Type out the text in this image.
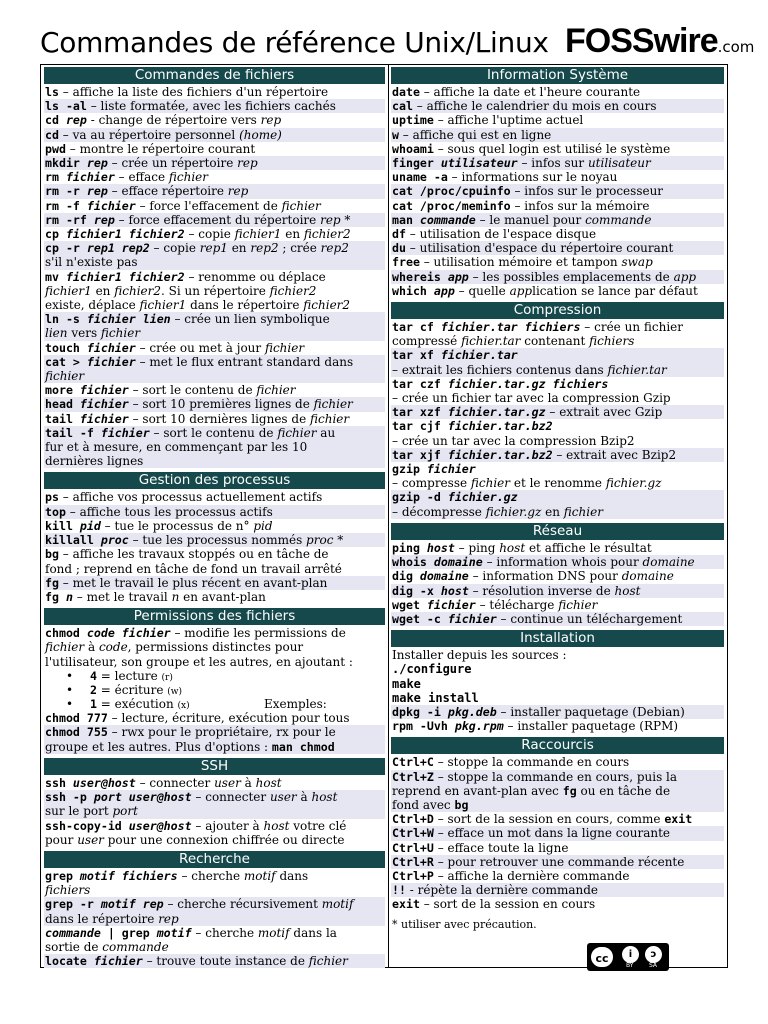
Commandes de référence Unix/Linux FOSSwire.com
Commandes de fichiers
ls – affiche la liste des fichiers d'un répertoire
ls -al – liste formatée, avec les fichiers cachés
cd rep - change de répertoire vers rep
cd – va au répertoire personnel (home)
pwd – montre le répertoire courant
mkdir rep – crée un répertoire rep
rm fichier – efface fichier
rm -r rep – efface répertoire rep
rm -f fichier – force l'effacement de fichier
rm -rf rep – force effacement du répertoire rep *
cp fichier1 fichier2 – copie fichier1 en fichier2
cp -r rep1 rep2 – copie rep1 en rep2 ; crée rep2
s'il n'existe pas
mv fichier1 fichier2 – renomme ou déplace
fichier1 en fichier2. Si un répertoire fichier2
existe, déplace fichier1 dans le répertoire fichier2
ln -s fichier lien – crée un lien symbolique
lien vers fichier
touch fichier – crée ou met à jour fichier
cat > fichier – met le flux entrant standard dans
fichier
more fichier – sort le contenu de fichier
head fichier – sort 10 premières lignes de fichier
tail fichier – sort 10 dernières lignes de fichier
tail -f fichier – sort le contenu de fichier au
fur et à mesure, en commençant par les 10
dernières lignes
Gestion des processus
ps – affiche vos processus actuellement actifs
top – affiche tous les processus actifs
kill pid – tue le processus de n° pid
killall proc – tue les processus nommés proc *
bg – affiche les travaux stoppés ou en tâche de
fond ; reprend en tâche de fond un travail arrêté
fg – met le travail le plus récent en avant-plan
fg n – met le travail n en avant-plan
Permissions des fichiers
chmod code fichier – modifie les permissions de
fichier à code, permissions distinctes pour
l'utilisateur, son groupe et les autres, en ajoutant :
• 4 = lecture (r)
• 2 = écriture (w)
• 1 = exécution (x)	Exemples:
chmod 777 – lecture, écriture, exécution pour tous
chmod 755 – rwx pour le propriétaire, rx pour le
groupe et les autres. Plus d'options : man chmod
SSH
ssh user@host – connecter user à host
ssh -p port user@host – connecter user à host
sur le port port
ssh-copy-id user@host – ajouter à host votre clé
pour user pour une connexion chiffrée ou directe
Recherche
grep motif fichiers – cherche motif dans
fichiers
grep -r motif rep – cherche récursivement motif
dans le répertoire rep
commande | grep motif – cherche motif dans la
sortie de commande
locate fichier – trouve toute instance de fichier
Information Système
date – affiche la date et l'heure courante
cal – affiche le calendrier du mois en cours
uptime – affiche l'uptime actuel
w – affiche qui est en ligne
whoami – sous quel login est utilisé le système
finger utilisateur – infos sur utilisateur
uname -a – informations sur le noyau
cat /proc/cpuinfo – infos sur le processeur
cat /proc/meminfo – infos sur la mémoire
man commande – le manuel pour commande
df – utilisation de l'espace disque
du – utilisation d'espace du répertoire courant
free – utilisation mémoire et tampon swap
whereis app – les possibles emplacements de app
which app – quelle application se lance par défaut
Compression
tar cf fichier.tar fichiers – crée un fichier
compressé fichier.tar contenant fichiers
tar xf fichier.tar
– extrait les fichiers contenus dans fichier.tar
tar czf fichier.tar.gz fichiers
– crée un fichier tar avec la compression Gzip
tar xzf fichier.tar.gz – extrait avec Gzip
tar cjf fichier.tar.bz2
– crée un tar avec la compression Bzip2
tar xjf fichier.tar.bz2 – extrait avec Bzip2
gzip fichier
– compresse fichier et le renomme fichier.gz
gzip -d fichier.gz
– décompresse fichier.gz en fichier
Réseau
ping host – ping host et affiche le résultat
whois domaine – information whois pour domaine
dig domaine – information DNS pour domaine
dig -x host – résolution inverse de host
wget fichier – télécharge fichier
wget -c fichier – continue un téléchargement
Installation
Installer depuis les sources :
./configure
make
make install
dpkg -i pkg.deb – installer paquetage (Debian)
rpm -Uvh pkg.rpm – installer paquetage (RPM)
Raccourcis
Ctrl+C – stoppe la commande en cours
Ctrl+Z – stoppe la commande en cours, puis la
reprend en avant-plan avec fg ou en tâche de
fond avec bg
Ctrl+D – sort de la session en cours, comme exit
Ctrl+W – efface un mot dans la ligne courante
Ctrl+U – efface toute la ligne
Ctrl+R – pour retrouver une commande récente
Ctrl+P – affiche la dernière commande
!! - répète la dernière commande
exit – sort de la session en cours
* utiliser avec précaution.
cc	i	ↄ
BY	SA
